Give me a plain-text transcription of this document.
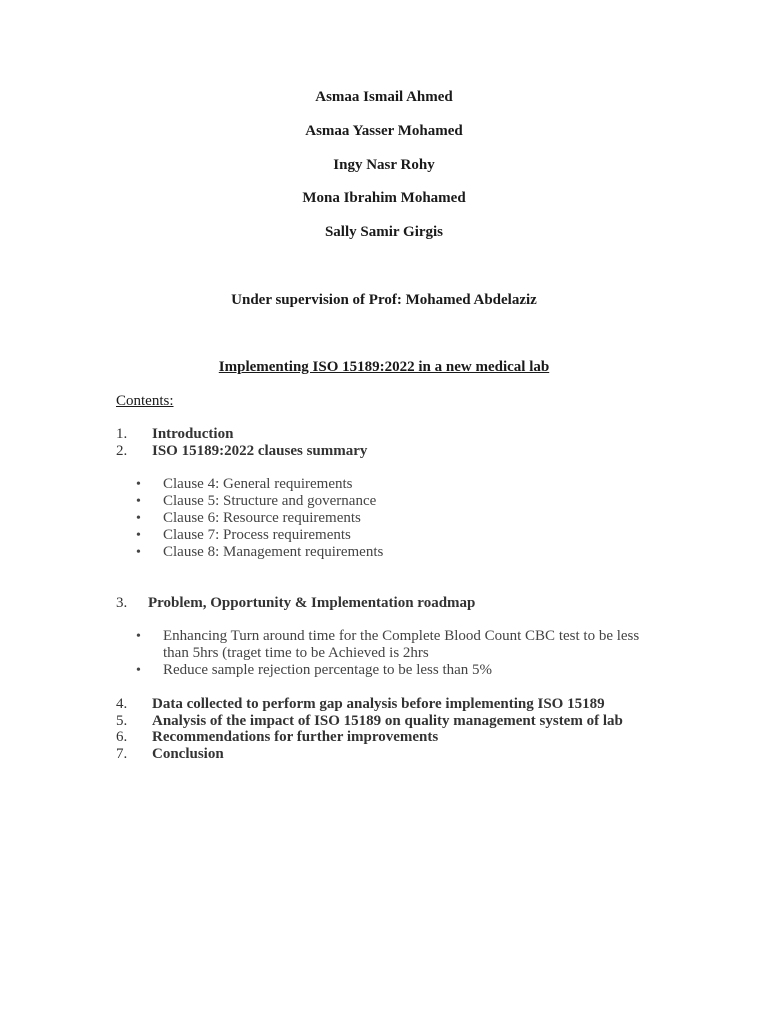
Asmaa Ismail Ahmed
Asmaa Yasser Mohamed
Ingy Nasr Rohy
Mona Ibrahim Mohamed
Sally Samir Girgis
Under supervision of Prof: Mohamed Abdelaziz
Implementing ISO 15189:2022 in a new medical lab
Contents:
1. Introduction
2. ISO 15189:2022 clauses summary
• Clause 4: General requirements
• Clause 5: Structure and governance
• Clause 6: Resource requirements
• Clause 7: Process requirements
• Clause 8: Management requirements
3. Problem, Opportunity & Implementation roadmap
• Enhancing Turn around time for the Complete Blood Count CBC test to be less than 5hrs (traget time to be Achieved is 2hrs
• Reduce sample rejection percentage to be less than 5%
4. Data collected to perform gap analysis before implementing ISO 15189
5. Analysis of the impact of ISO 15189 on quality management system of lab
6. Recommendations for further improvements
7. Conclusion
